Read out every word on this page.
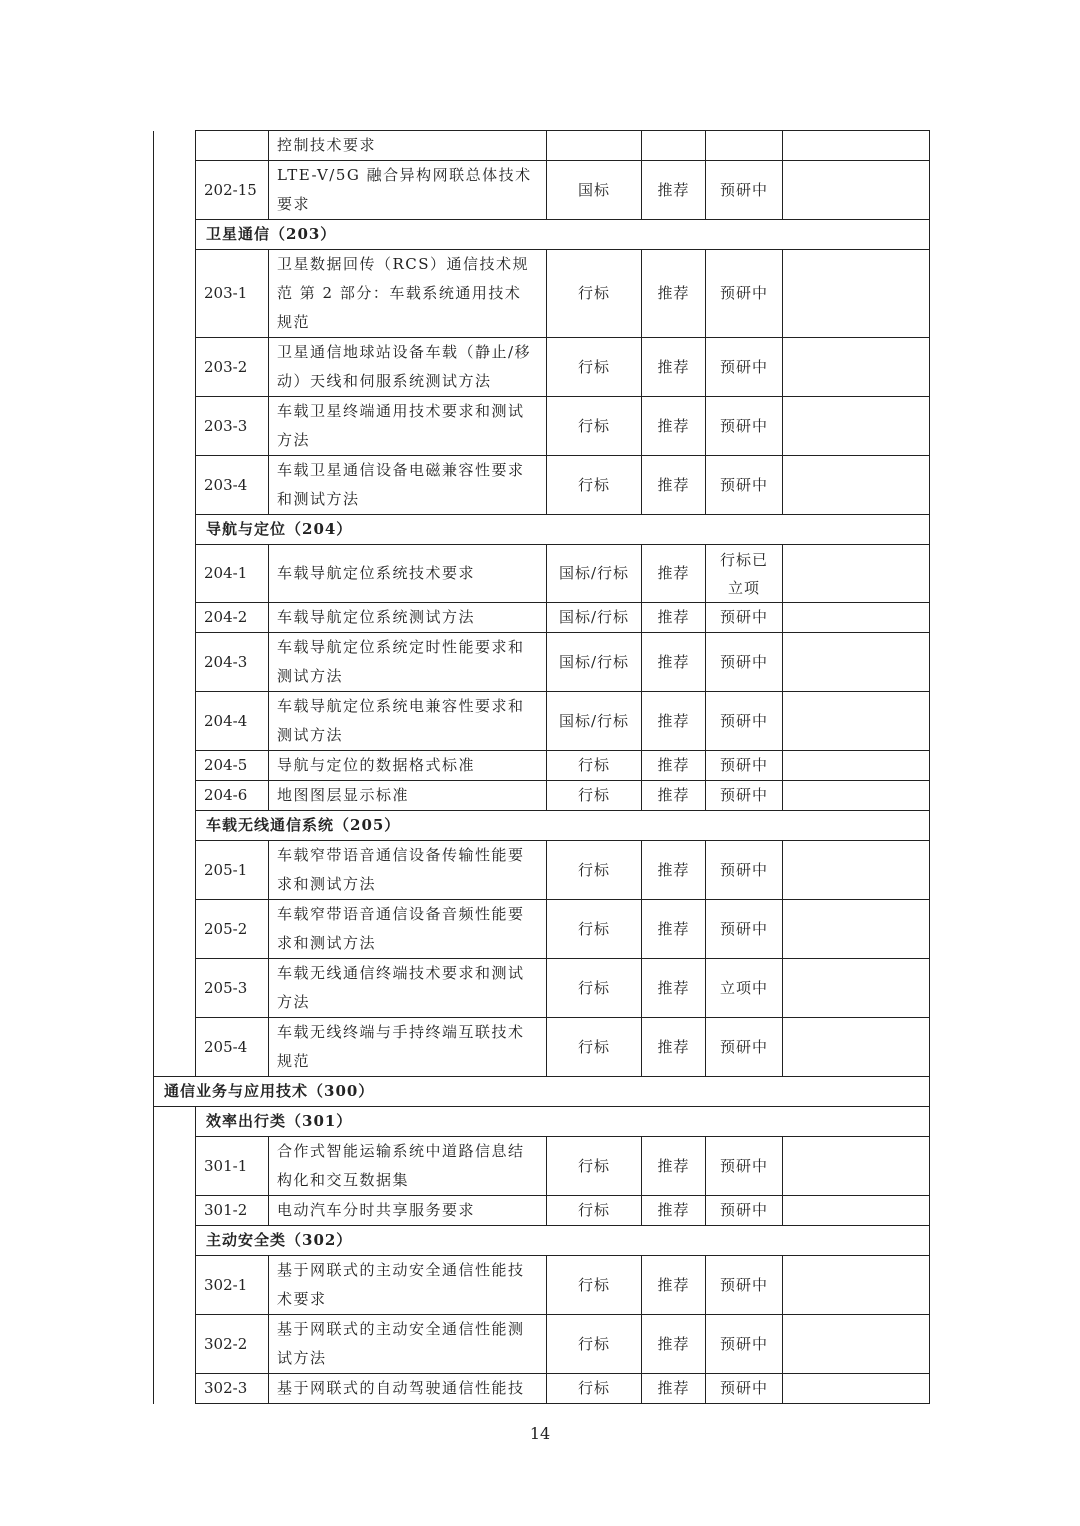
		控制技术要求				
	202-15	LTE-V/5G 融合异构网联总体技术要求	国标	推荐	预研中	
	卫星通信（203）					
	203-1	卫星数据回传（RCS）通信技术规范 第 2 部分：车载系统通用技术规范	行标	推荐	预研中	
	203-2	卫星通信地球站设备车载（静止/移动）天线和伺服系统测试方法	行标	推荐	预研中	
	203-3	车载卫星终端通用技术要求和测试方法	行标	推荐	预研中	
	203-4	车载卫星通信设备电磁兼容性要求和测试方法	行标	推荐	预研中	
	导航与定位（204）					
	204-1	车载导航定位系统技术要求	国标/行标	推荐	行标已立项	
	204-2	车载导航定位系统测试方法	国标/行标	推荐	预研中	
	204-3	车载导航定位系统定时性能要求和测试方法	国标/行标	推荐	预研中	
	204-4	车载导航定位系统电兼容性要求和测试方法	国标/行标	推荐	预研中	
	204-5	导航与定位的数据格式标准	行标	推荐	预研中	
	204-6	地图图层显示标准	行标	推荐	预研中	
	车载无线通信系统（205）					
	205-1	车载窄带语音通信设备传输性能要求和测试方法	行标	推荐	预研中	
	205-2	车载窄带语音通信设备音频性能要求和测试方法	行标	推荐	预研中	
	205-3	车载无线通信终端技术要求和测试方法	行标	推荐	立项中	
	205-4	车载无线终端与手持终端互联技术规范	行标	推荐	预研中	
通信业务与应用技术（300）						
	效率出行类（301）					
	301-1	合作式智能运输系统中道路信息结构化和交互数据集	行标	推荐	预研中	
	301-2	电动汽车分时共享服务要求	行标	推荐	预研中	
	主动安全类（302）					
	302-1	基于网联式的主动安全通信性能技术要求	行标	推荐	预研中	
	302-2	基于网联式的主动安全通信性能测试方法	行标	推荐	预研中	
	302-3	基于网联式的自动驾驶通信性能技	行标	推荐	预研中	
14
